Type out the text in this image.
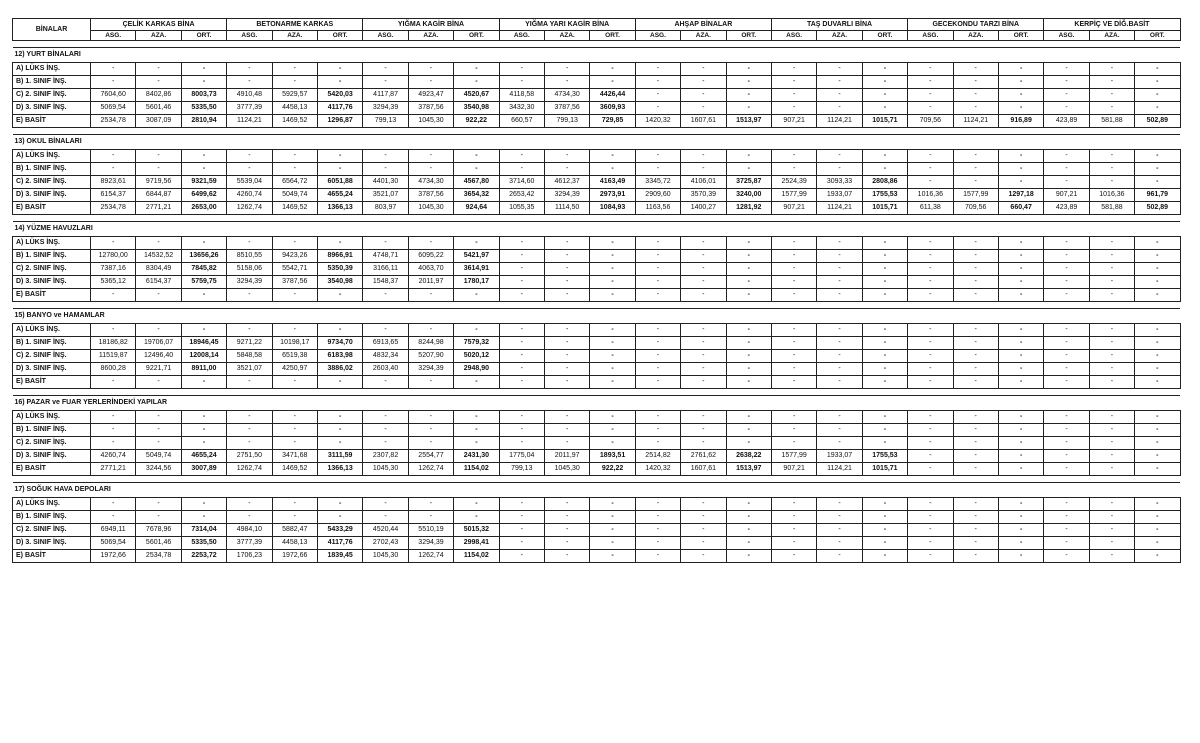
BİNALAR	ÇELİK KARKAS BİNA			BETONARME KARKAS			YIĞMA KAGİR BİNA			YIĞMA YARI KAGİR BİNA			AHŞAP BİNALAR			TAŞ DUVARLI BİNA			GECEKONDU TARZI BİNA			KERPİÇ VE DİĞ.BASİT		
	ASG.	AZA.	ORT.	ASG.	AZA.	ORT.	ASG.	AZA.	ORT.	ASG.	AZA.	ORT.	ASG.	AZA.	ORT.	ASG.	AZA.	ORT.	ASG.	AZA.	ORT.	ASG.	AZA.	ORT.

12) YURT BİNALARI																								
A) LÜKS İNŞ.	-	-	-	-	-	-	-	-	-	-	-	-	-	-	-	-	-	-	-	-	-	-	-	-
B) 1. SINIF İNŞ.	-	-	-	-	-	-	-	-	-	-	-	-	-	-	-	-	-	-	-	-	-	-	-	-
C) 2. SINIF İNŞ.	7604,60	8402,86	8003,73	4910,48	5929,57	5420,03	4117,87	4923,47	4520,67	4118,58	4734,30	4426,44	-	-	-	-	-	-	-	-	-	-	-	-
D) 3. SINIF İNŞ.	5069,54	5601,46	5335,50	3777,39	4458,13	4117,76	3294,39	3787,56	3540,98	3432,30	3787,56	3609,93	-	-	-	-	-	-	-	-	-	-	-	-
E) BASİT	2534,78	3087,09	2810,94	1124,21	1469,52	1296,87	799,13	1045,30	922,22	660,57	799,13	729,85	1420,32	1607,61	1513,97	907,21	1124,21	1015,71	709,56	1124,21	916,89	423,89	581,88	502,89

13) OKUL BİNALARI																								
A) LÜKS İNŞ.	-	-	-	-	-	-	-	-	-	-	-	-	-	-	-	-	-	-	-	-	-	-	-	-
B) 1. SINIF İNŞ.	-	-	-	-	-	-	-	-	-	-	-	-	-	-	-	-	-	-	-	-	-	-	-	-
C) 2. SINIF İNŞ.	8923,61	9719,56	9321,59	5539,04	6564,72	6051,88	4401,30	4734,30	4567,80	3714,60	4612,37	4163,49	3345,72	4106,01	3725,87	2524,39	3093,33	2808,86	-	-	-	-	-	-
D) 3. SINIF İNŞ.	6154,37	6844,87	6499,62	4260,74	5049,74	4655,24	3521,07	3787,56	3654,32	2653,42	3294,39	2973,91	2909,60	3570,39	3240,00	1577,99	1933,07	1755,53	1016,36	1577,99	1297,18	907,21	1016,36	961,79
E) BASİT	2534,78	2771,21	2653,00	1262,74	1469,52	1366,13	803,97	1045,30	924,64	1055,35	1114,50	1084,93	1163,56	1400,27	1281,92	907,21	1124,21	1015,71	611,38	709,56	660,47	423,89	581,88	502,89

14) YÜZME HAVUZLARI																								
A) LÜKS İNŞ.	-	-	-	-	-	-	-	-	-	-	-	-	-	-	-	-	-	-	-	-	-	-	-	-
B) 1. SINIF İNŞ.	12780,00	14532,52	13656,26	8510,55	9423,26	8966,91	4748,71	6095,22	5421,97	-	-	-	-	-	-	-	-	-	-	-	-	-	-	-
C) 2. SINIF İNŞ.	7387,16	8304,49	7845,82	5158,06	5542,71	5350,39	3166,11	4063,70	3614,91	-	-	-	-	-	-	-	-	-	-	-	-	-	-	-
D) 3. SINIF İNŞ.	5365,12	6154,37	5759,75	3294,39	3787,56	3540,98	1548,37	2011,97	1780,17	-	-	-	-	-	-	-	-	-	-	-	-	-	-	-
E) BASİT	-	-	-	-	-	-	-	-	-	-	-	-	-	-	-	-	-	-	-	-	-	-	-	-

15) BANYO ve HAMAMLAR																								
A) LÜKS İNŞ.	-	-	-	-	-	-	-	-	-	-	-	-	-	-	-	-	-	-	-	-	-	-	-	-
B) 1. SINIF İNŞ.	18186,82	19706,07	18946,45	9271,22	10198,17	9734,70	6913,65	8244,98	7579,32	-	-	-	-	-	-	-	-	-	-	-	-	-	-	-
C) 2. SINIF İNŞ.	11519,87	12496,40	12008,14	5848,58	6519,38	6183,98	4832,34	5207,90	5020,12	-	-	-	-	-	-	-	-	-	-	-	-	-	-	-
D) 3. SINIF İNŞ.	8600,28	9221,71	8911,00	3521,07	4250,97	3886,02	2603,40	3294,39	2948,90	-	-	-	-	-	-	-	-	-	-	-	-	-	-	-
E) BASİT	-	-	-	-	-	-	-	-	-	-	-	-	-	-	-	-	-	-	-	-	-	-	-	-

16) PAZAR ve FUAR YERLERİNDEKİ YAPILAR																								
A) LÜKS İNŞ.	-	-	-	-	-	-	-	-	-	-	-	-	-	-	-	-	-	-	-	-	-	-	-	-
B) 1. SINIF İNŞ.	-	-	-	-	-	-	-	-	-	-	-	-	-	-	-	-	-	-	-	-	-	-	-	-
C) 2. SINIF İNŞ.	-	-	-	-	-	-	-	-	-	-	-	-	-	-	-	-	-	-	-	-	-	-	-	-
D) 3. SINIF İNŞ.	4260,74	5049,74	4655,24	2751,50	3471,68	3111,59	2307,82	2554,77	2431,30	1775,04	2011,97	1893,51	2514,82	2761,62	2638,22	1577,99	1933,07	1755,53	-	-	-	-	-	-
E) BASİT	2771,21	3244,56	3007,89	1262,74	1469,52	1366,13	1045,30	1262,74	1154,02	799,13	1045,30	922,22	1420,32	1607,61	1513,97	907,21	1124,21	1015,71	-	-	-	-	-	-

17) SOĞUK HAVA DEPOLARI																								
A) LÜKS İNŞ.	-	-	-	-	-	-	-	-	-	-	-	-	-	-	-	-	-	-	-	-	-	-	-	-
B) 1. SINIF İNŞ.	-	-	-	-	-	-	-	-	-	-	-	-	-	-	-	-	-	-	-	-	-	-	-	-
C) 2. SINIF İNŞ.	6949,11	7678,96	7314,04	4984,10	5882,47	5433,29	4520,44	5510,19	5015,32	-	-	-	-	-	-	-	-	-	-	-	-	-	-	-
D) 3. SINIF İNŞ.	5069,54	5601,46	5335,50	3777,39	4458,13	4117,76	2702,43	3294,39	2998,41	-	-	-	-	-	-	-	-	-	-	-	-	-	-	-
E) BASİT	1972,66	2534,78	2253,72	1706,23	1972,66	1839,45	1045,30	1262,74	1154,02	-	-	-	-	-	-	-	-	-	-	-	-	-	-	-
